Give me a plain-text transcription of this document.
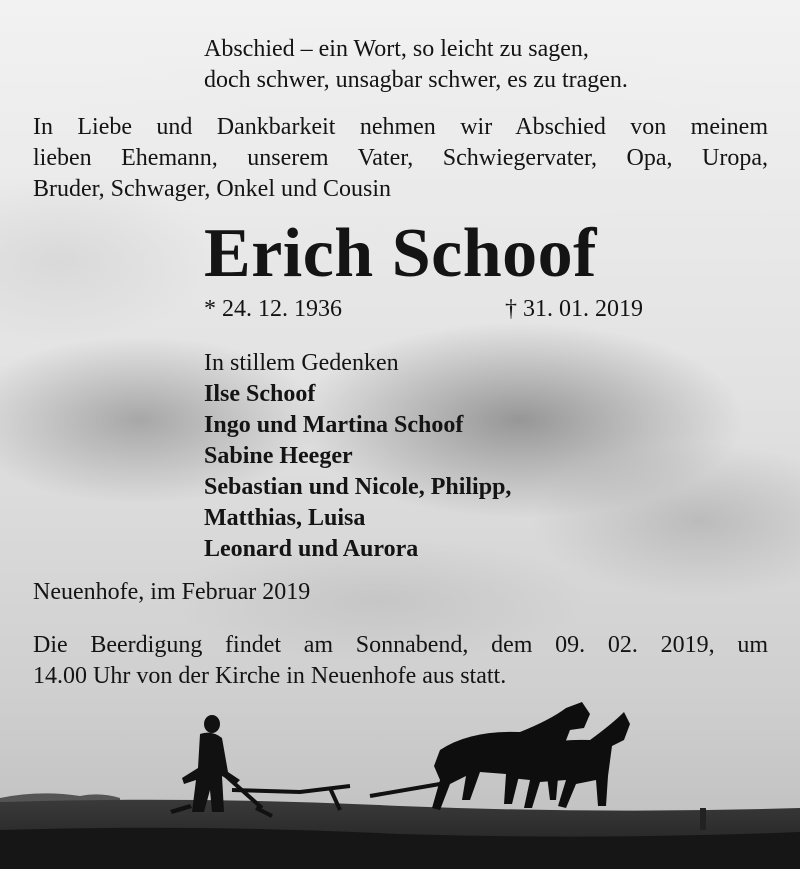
Abschied – ein Wort, so leicht zu sagen,
doch schwer, unsagbar schwer, es zu tragen.
In Liebe und Dankbarkeit nehmen wir Abschied von meinem
lieben Ehemann, unserem Vater, Schwiegervater, Opa, Uropa,
Bruder, Schwager, Onkel und Cousin
Erich Schoof
* 24. 12. 1936	† 31. 01. 2019
In stillem Gedenken
Ilse Schoof
Ingo und Martina Schoof
Sabine Heeger
Sebastian und Nicole, Philipp,
Matthias, Luisa
Leonard und Aurora
Neuenhofe, im Februar 2019
Die Beerdigung findet am Sonnabend, dem 09. 02. 2019, um
14.00 Uhr von der Kirche in Neuenhofe aus statt.
